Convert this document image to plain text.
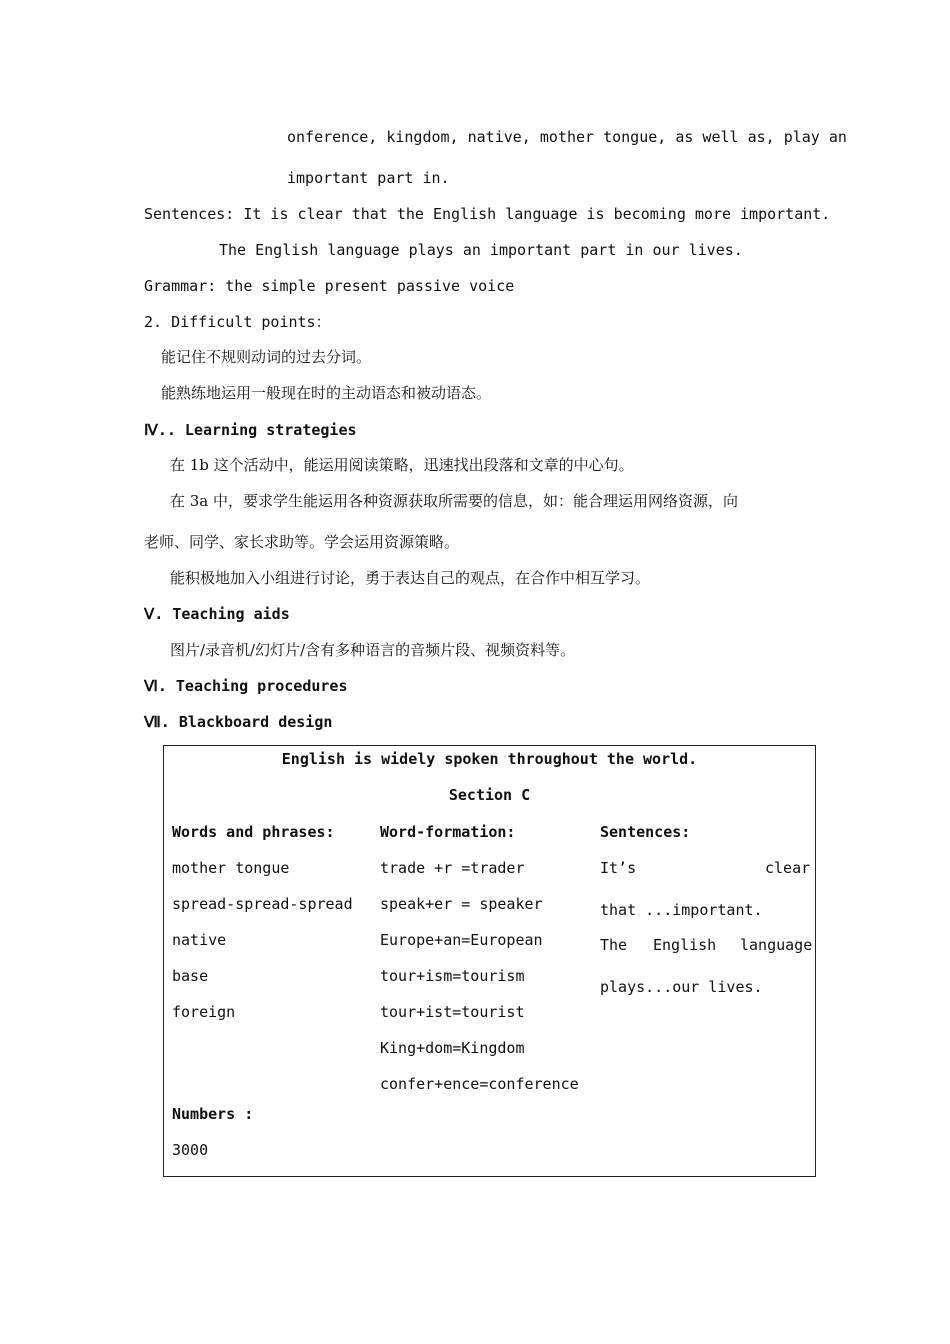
onference, kingdom, native, mother tongue, as well as, play an
important part in.
Sentences: It is clear that the English language is becoming more important.
The English language plays an important part in our lives.
Grammar: the simple present passive voice
2. Difficult points：
能记住不规则动词的过去分词。
能熟练地运用一般现在时的主动语态和被动语态。
Ⅳ.. Learning strategies
在 1b 这个活动中，能运用阅读策略，迅速找出段落和文章的中心句。
在 3a 中，要求学生能运用各种资源获取所需要的信息，如：能合理运用网络资源，向
老师、同学、家长求助等。学会运用资源策略。
能积极地加入小组进行讨论，勇于表达自己的观点，在合作中相互学习。
Ⅴ. Teaching aids
图片/录音机/幻灯片/含有多种语言的音频片段、视频资料等。
Ⅵ. Teaching procedures
Ⅶ. Blackboard design
English is widely spoken throughout the world.
Section C
Words and phrases:
mother tongue
spread-spread-spread
native
base
foreign
Word-formation:
trade +r =trader
speak+er = speaker
Europe+an=European
tour+ism=tourism
tour+ist=tourist
King+dom=Kingdom
confer+ence=conference
Sentences:
It’s	clear
that ...important.
The English language
plays...our lives.
Numbers :
3000
